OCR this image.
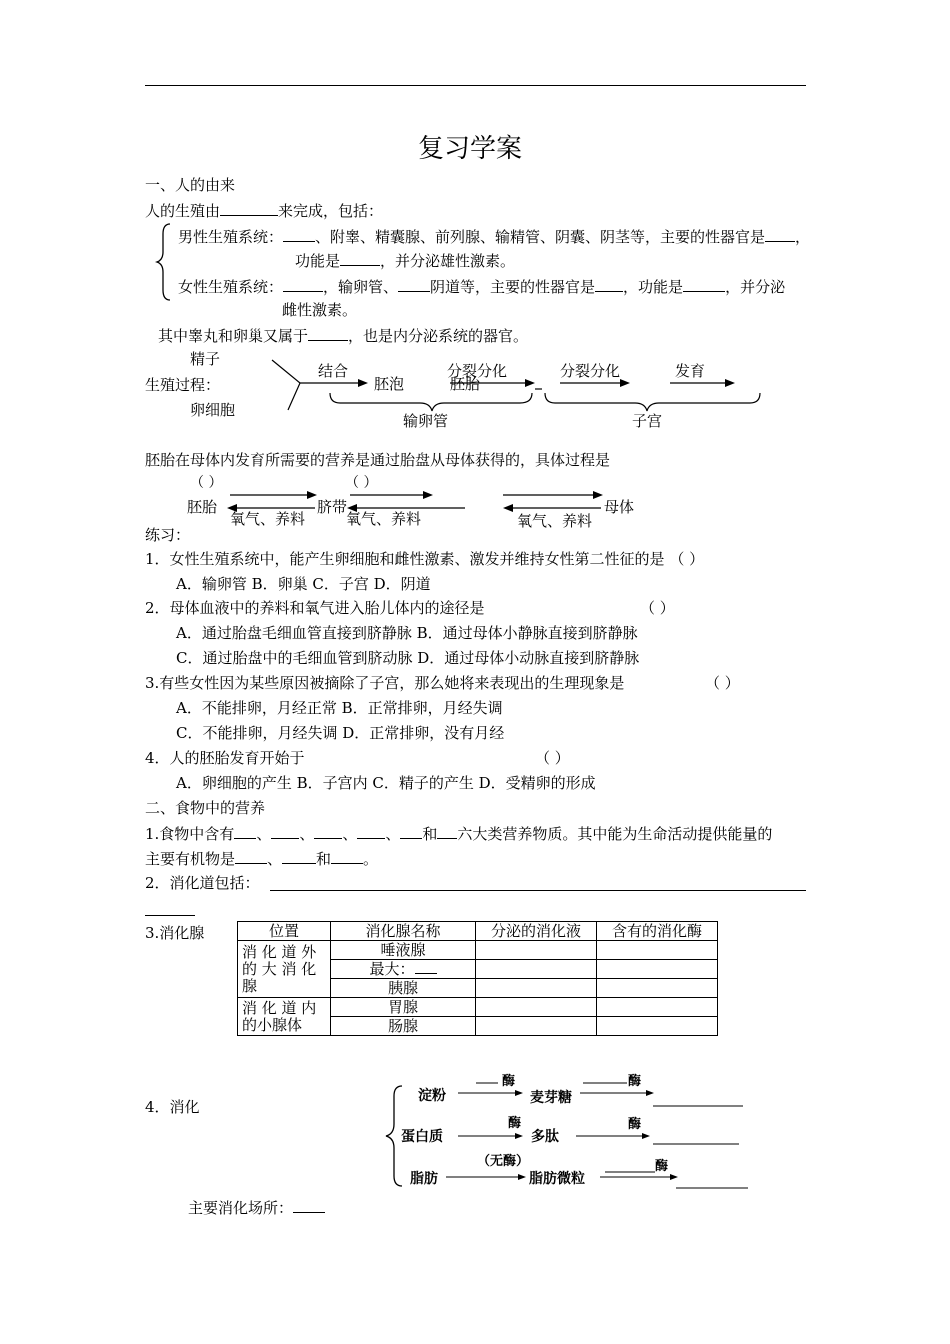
复习学案
一、人的由来
人的生殖由	来完成，包括：
男性生殖系统： 、附睾、精囊腺、前列腺、输精管、阴囊、阴茎等，主要的性器官是 ，
功能是	，并分泌雄性激素。
女性生殖系统：	，输卵管、 阴道等，主要的性器官是 ，功能是	，并分泌
雌性激素。
其中睾丸和卵巢又属于	，也是内分泌系统的器官。
精子
生殖过程：
卵细胞
结合
胚泡
分裂分化
胚胎
分裂分化	发育
输卵管	子宫
胚胎在母体内发育所需要的营养是通过胎盘从母体获得的，具体过程是
（ ）	（ ）
胚胎	脐带	母体
氧气、养料	氧气、养料	氧气、养料
练习：
1．女性生殖系统中，能产生卵细胞和雌性激素、激发并维持女性第二性征的是 （ ）
A．输卵管 B．卵巢 C．子宫 D．阴道
2．母体血液中的养料和氧气进入胎儿体内的途径是	（ ）
A．通过胎盘毛细血管直接到脐静脉 B．通过母体小静脉直接到脐静脉
C．通过胎盘中的毛细血管到脐动脉 D．通过母体小动脉直接到脐静脉
3.有些女性因为某些原因被摘除了子宫，那么她将来表现出的生理现象是	（ ）
A．不能排卵，月经正常 B．正常排卵，月经失调
C．不能排卵，月经失调 D．正常排卵，没有月经
4．人的胚胎发育开始于	（ ）
A．卵细胞的产生 B．子宫内 C．精子的产生 D．受精卵的形成
二、食物中的营养
1.食物中含有 、 、 、 、 和 六大类营养物质。其中能为生命活动提供能量的
主要有机物是 、 和 。
2．消化道包括：
3.消化腺	位置	消化腺名称	分泌的消化液	含有的消化酶
消 化 道 外的 大 消 化腺	唾液腺		
	最大：		
	胰腺		
消 化 道 内的小腺体	胃腺		
	肠腺		
4．消化
淀粉
酶
麦芽糖
酶
蛋白质
酶
多肽
酶
脂肪
（无酶）
脂肪微粒
酶
主要消化场所：
